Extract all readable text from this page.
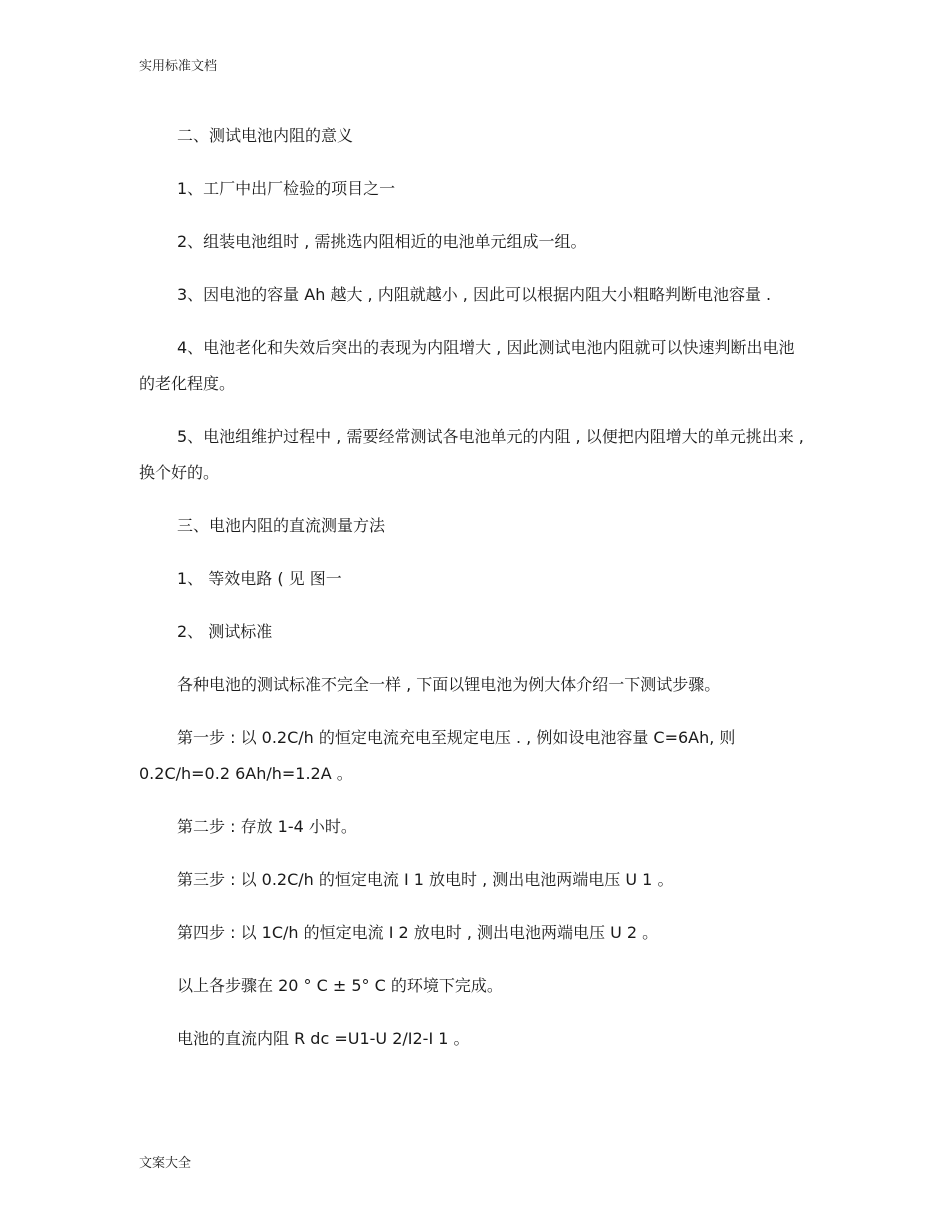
实用标准文档

二、测试电池内阻的意义

1、工厂中出厂检验的项目之一

2、组装电池组时 , 需挑选内阻相近的电池单元组成一组。

3、因电池的容量 Ah 越大 , 内阻就越小 , 因此可以根据内阻大小粗略判断电池容量 .

4、电池老化和失效后突出的表现为内阻增大 , 因此测试电池内阻就可以快速判断出电池 的老化程度。

5、电池组维护过程中 , 需要经常测试各电池单元的内阻 , 以便把内阻增大的单元挑出来 , 换个好的。

三、电池内阻的直流测量方法

1、 等效电路 ( 见 图一

2、 测试标准

各种电池的测试标准不完全一样 , 下面以锂电池为例大体介绍一下测试步骤。

第一步 : 以 0.2C/h 的恒定电流充电至规定电压 . , 例如设电池容量 C=6Ah, 则 0.2C/h=0.2 6Ah/h=1.2A 。

第二步 : 存放 1-4 小时。

第三步 : 以 0.2C/h 的恒定电流 I 1 放电时 , 测出电池两端电压 U 1 。

第四步 : 以 1C/h 的恒定电流 I 2 放电时 , 测出电池两端电压 U 2 。

以上各步骤在 20 ° C ± 5° C 的环境下完成。

电池的直流内阻 R dc =U1-U 2/I2-I 1 。

文案大全
